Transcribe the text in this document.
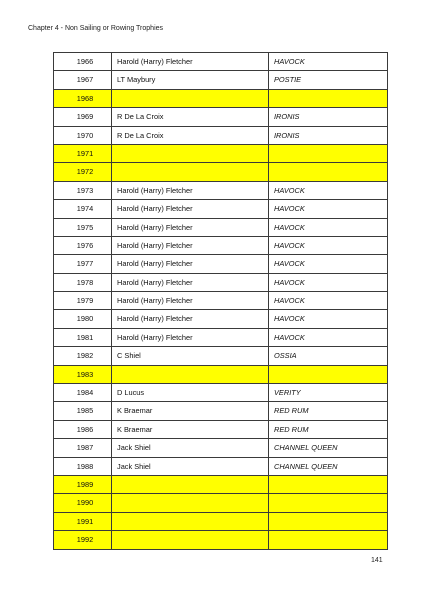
Chapter 4 - Non Sailing or Rowing Trophies
1966	Harold (Harry) Fletcher	HAVOCK
1967	LT Maybury	POSTIE
1968		
1969	R De La Croix	IRONIS
1970	R De La Croix	IRONIS
1971		
1972		
1973	Harold (Harry) Fletcher	HAVOCK
1974	Harold (Harry) Fletcher	HAVOCK
1975	Harold (Harry) Fletcher	HAVOCK
1976	Harold (Harry) Fletcher	HAVOCK
1977	Harold (Harry) Fletcher	HAVOCK
1978	Harold (Harry) Fletcher	HAVOCK
1979	Harold (Harry) Fletcher	HAVOCK
1980	Harold (Harry) Fletcher	HAVOCK
1981	Harold (Harry) Fletcher	HAVOCK
1982	C Shiel	OSSIA
1983		
1984	D Lucus	VERITY
1985	K Braemar	RED RUM
1986	K Braemar	RED RUM
1987	Jack Shiel	CHANNEL QUEEN
1988	Jack Shiel	CHANNEL QUEEN
1989		
1990		
1991		
1992		
141
